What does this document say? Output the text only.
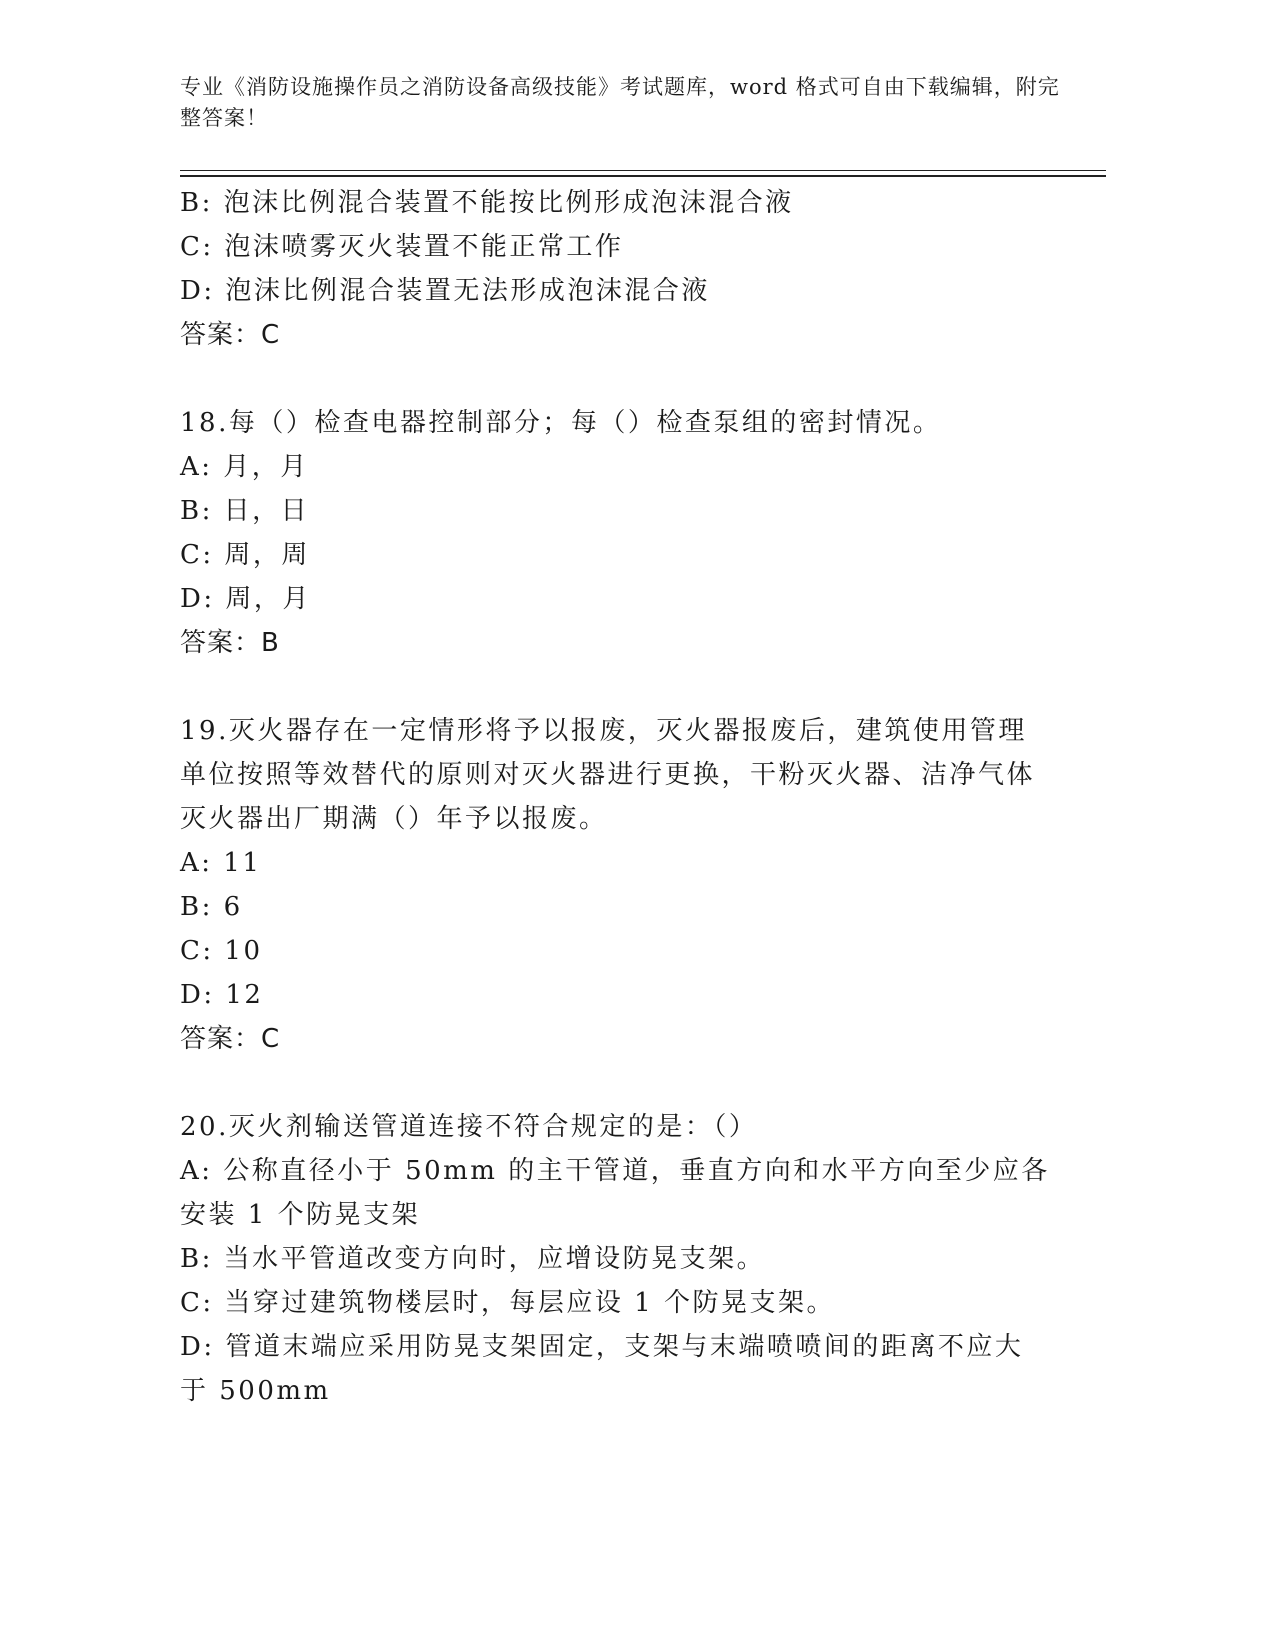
专业《消防设施操作员之消防设备高级技能》考试题库，word 格式可自由下载编辑，附完整答案！
B: 泡沫比例混合装置不能按比例形成泡沫混合液
C: 泡沫喷雾灭火装置不能正常工作
D: 泡沫比例混合装置无法形成泡沫混合液
答案：C
18.每（）检查电器控制部分；每（）检查泵组的密封情况。
A: 月，月
B: 日，日
C: 周，周
D: 周，月
答案：B
19.灭火器存在一定情形将予以报废，灭火器报废后，建筑使用管理单位按照等效替代的原则对灭火器进行更换，干粉灭火器、洁净气体灭火器出厂期满（）年予以报废。
A: 11
B: 6
C: 10
D: 12
答案：C
20.灭火剂输送管道连接不符合规定的是：（）
A: 公称直径小于 50mm 的主干管道，垂直方向和水平方向至少应各安装 1 个防晃支架
B: 当水平管道改变方向时，应增设防晃支架。
C: 当穿过建筑物楼层时，每层应设 1 个防晃支架。
D: 管道末端应采用防晃支架固定，支架与末端喷喷间的距离不应大于 500mm
